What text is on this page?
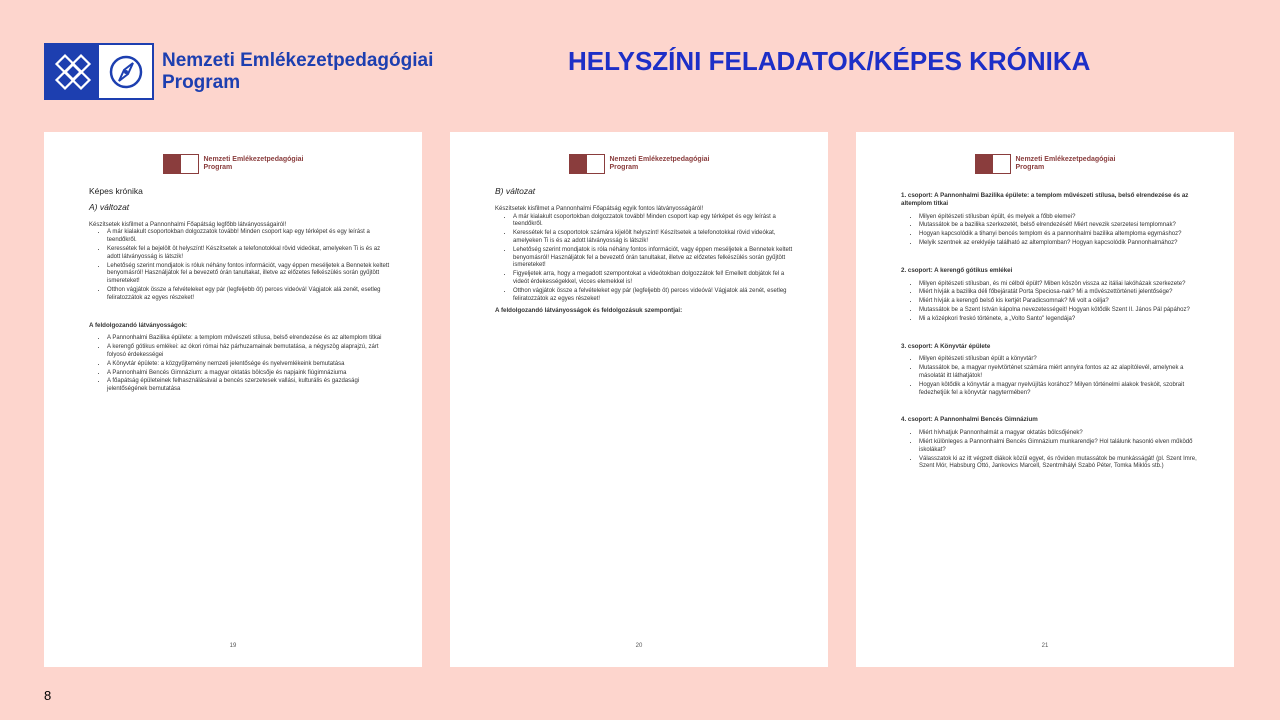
Nemzeti Emlékezetpedagógiai
Program
HELYSZÍNI FELADATOK/KÉPES KRÓNIKA
Nemzeti Emlékezetpedagógiai
Program
Képes krónika
A) változat

Készítsetek kisfilmet a Pannonhalmi Főapátság legfőbb látványosságairól!

• A már kialakult csoportokban dolgozzatok tovább! Minden csoport kap egy térképet és egy leírást a teendőkről.
• Keressétek fel a bejelölt öt helyszínt! Készítsetek a telefonotokkal rövid videókat, amelyeken Ti is és az adott látványosság is látszik!
• Lehetőség szerint mondjatok is róluk néhány fontos információt, vagy éppen meséljetek a Bennetek keltett benyomásról! Használjátok fel a bevezető órán tanultakat, illetve az előzetes felkészülés során gyűjtött ismereteket!
• Otthon vágjátok össze a felvételeket egy pár (legfeljebb öt) perces videóvá! Vágjatok alá zenét, esetleg feliratozzátok az egyes részeket!

A feldolgozandó látványosságok:

• A Pannonhalmi Bazilika épülete: a templom művészeti stílusa, belső elrendezése és az altemplom titkai
• A kerengő gótikus emlékei: az ókori római ház párhuzamainak bemutatása, a négyszög alaprajzú, zárt folyosó érdekességei
• A Könyvtár épülete: a közgyűjtemény nemzeti jelentősége és nyelvemlékeink bemutatása
• A Pannonhalmi Bencés Gimnázium: a magyar oktatás bölcsője és napjaink fiúgimnáziuma
• A főapátság épületeinek felhasználásával a bencés szerzetesek vallási, kulturális és gazdasági jelentőségének bemutatása
19
Nemzeti Emlékezetpedagógiai
Program
B) változat

Készítsetek kisfilmet a Pannonhalmi Főapátság egyik fontos látványosságáról!

• A már kialakult csoportokban dolgozzatok tovább! Minden csoport kap egy térképet és egy leírást a teendőkről.
• Keressétek fel a csoportotok számára kijelölt helyszínt! Készítsetek a telefonotokkal rövid videókat, amelyeken Ti is és az adott látványosság is látszik!
• Lehetőség szerint mondjatok is róla néhány fontos információt, vagy éppen meséljetek a Bennetek keltett benyomásról! Használjátok fel a bevezető órán tanultakat, illetve az előzetes felkészülés során gyűjtött ismereteket!
• Figyeljetek arra, hogy a megadott szempontokat a videótokban dolgozzátok fel! Emellett dobjátok fel a videót érdekességekkel, vicces elemekkel is!
• Otthon vágjátok össze a felvételeket egy pár (legfeljebb öt) perces videóvá! Vágjatok alá zenét, esetleg feliratozzátok az egyes részeket!

A feldolgozandó látványosságok és feldolgozásuk szempontjai:

20
Nemzeti Emlékezetpedagógiai
Program

1. csoport: A Pannonhalmi Bazilika épülete: a templom művészeti stílusa, belső elrendezése és az altemplom titkai

• Milyen építészeti stílusban épült, és melyek a főbb elemei?
• Mutassátok be a bazilika szerkezetét, belső elrendezését! Miért nevezik szerzetesi templomnak?
• Hogyan kapcsolódik a tihanyi bencés templom és a pannonhalmi bazilika altemploma egymáshoz?
• Melyik szentnek az ereklyéje található az altemplomban? Hogyan kapcsolódik Pannonhalmához?

2. csoport: A kerengő gótikus emlékei

• Milyen építészeti stílusban, és mi célból épült? Miben köszön vissza az itáliai lakóházak szerkezete?
• Miért hívják a bazilika déli főbejáratát Porta Speciosa-nak? Mi a művészettörténeti jelentősége?
• Miért hívják a kerengő belső kis kertjét Paradicsomnak? Mi volt a célja?
• Mutassátok be a Szent István kápolna nevezetességeit! Hogyan kötődik Szent II. János Pál pápához?
• Mi a középkori freskó története, a „Volto Santo" legendája?

3. csoport: A Könyvtár épülete

• Milyen építészeti stílusban épült a könyvtár?
• Mutassátok be, a magyar nyelvtörténet számára miért annyira fontos az az alapítólevél, amelynek a másolatát itt láthatjátok!
• Hogyan kötődik a könyvtár a magyar nyelvújítás korához? Milyen történelmi alakok freskóit, szobrait fedezhetjük fel a könyvtár nagytermében?

4. csoport: A Pannonhalmi Bencés Gimnázium

• Miért hívhatjuk Pannonhalmát a magyar oktatás bölcsőjének?
• Miért különleges a Pannonhalmi Bencés Gimnázium munkarendje? Hol találunk hasonló elven működő iskolákat?
• Válasszatok ki az itt végzett diákok közül egyet, és röviden mutassátok be munkásságát! (pl. Szent Imre, Szent Mór, Habsburg Ottó, Jankovics Marcell, Szentmihályi Szabó Péter, Tomka Miklós stb.)
21
8
